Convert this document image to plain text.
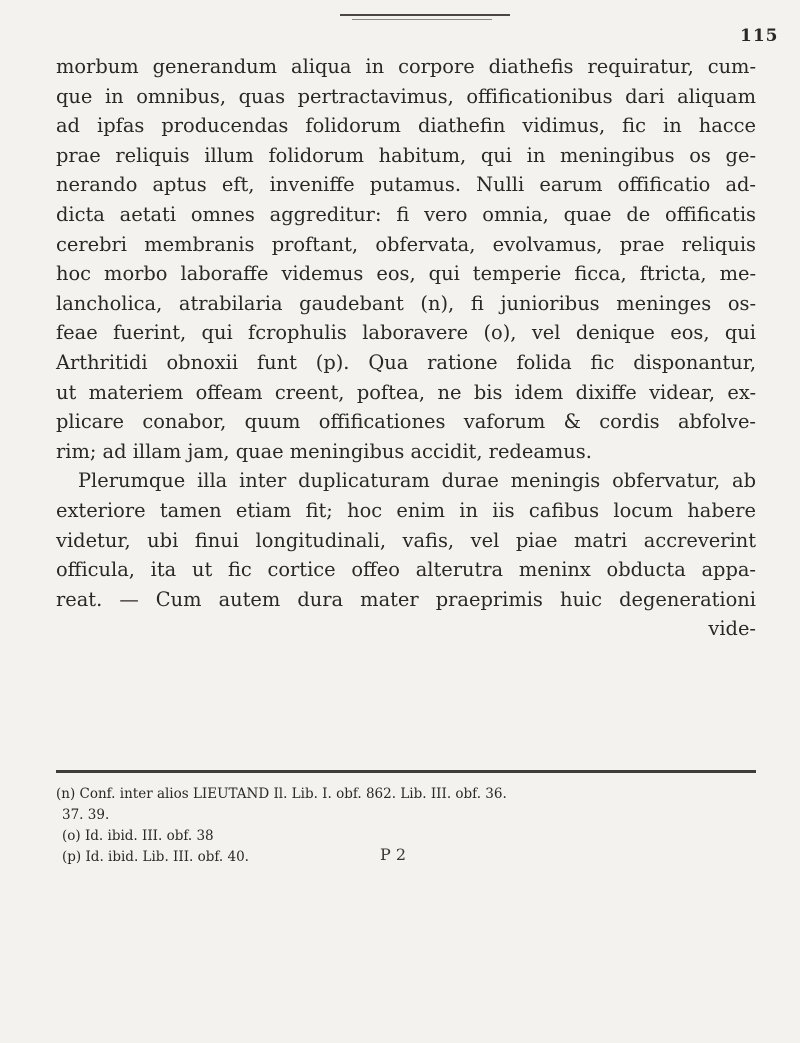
115
morbum generandum aliqua in corpore diathefis requiratur, cum-
que in omnibus, quas pertractavimus, offificationibus dari aliquam
ad ipfas producendas folidorum diathefin vidimus, fic in hacce
prae reliquis illum folidorum habitum, qui in meningibus os ge-
nerando aptus eft, inveniffe putamus. Nulli earum offificatio ad-
dicta aetati omnes aggreditur: fi vero omnia, quae de offificatis
cerebri membranis proftant, obfervata, evolvamus, prae reliquis
hoc morbo laboraffe videmus eos, qui temperie ficca, ftricta, me-
lancholica, atrabilaria gaudebant (n), fi junioribus meninges os-
feae fuerint, qui fcrophulis laboravere (o), vel denique eos, qui
Arthritidi obnoxii funt (p). Qua ratione folida fic disponantur,
ut materiem offeam creent, poftea, ne bis idem dixiffe videar, ex-
plicare conabor, quum offificationes vaforum & cordis abfolve-
rim; ad illam jam, quae meningibus accidit, redeamus.
Plerumque illa inter duplicaturam durae meningis obfervatur, ab
exteriore tamen etiam fit; hoc enim in iis cafibus locum habere
videtur, ubi finui longitudinali, vafis, vel piae matri accreverint
officula, ita ut fic cortice offeo alterutra meninx obducta appa-
reat. — Cum autem dura mater praeprimis huic degenerationi
vide-
(n) Conf. inter alios LIEUTAND Il. Lib. I. obf. 862. Lib. III. obf. 36.
37. 39.
(o) Id. ibid. III. obf. 38
(p) Id. ibid. Lib. III. obf. 40.	P 2
